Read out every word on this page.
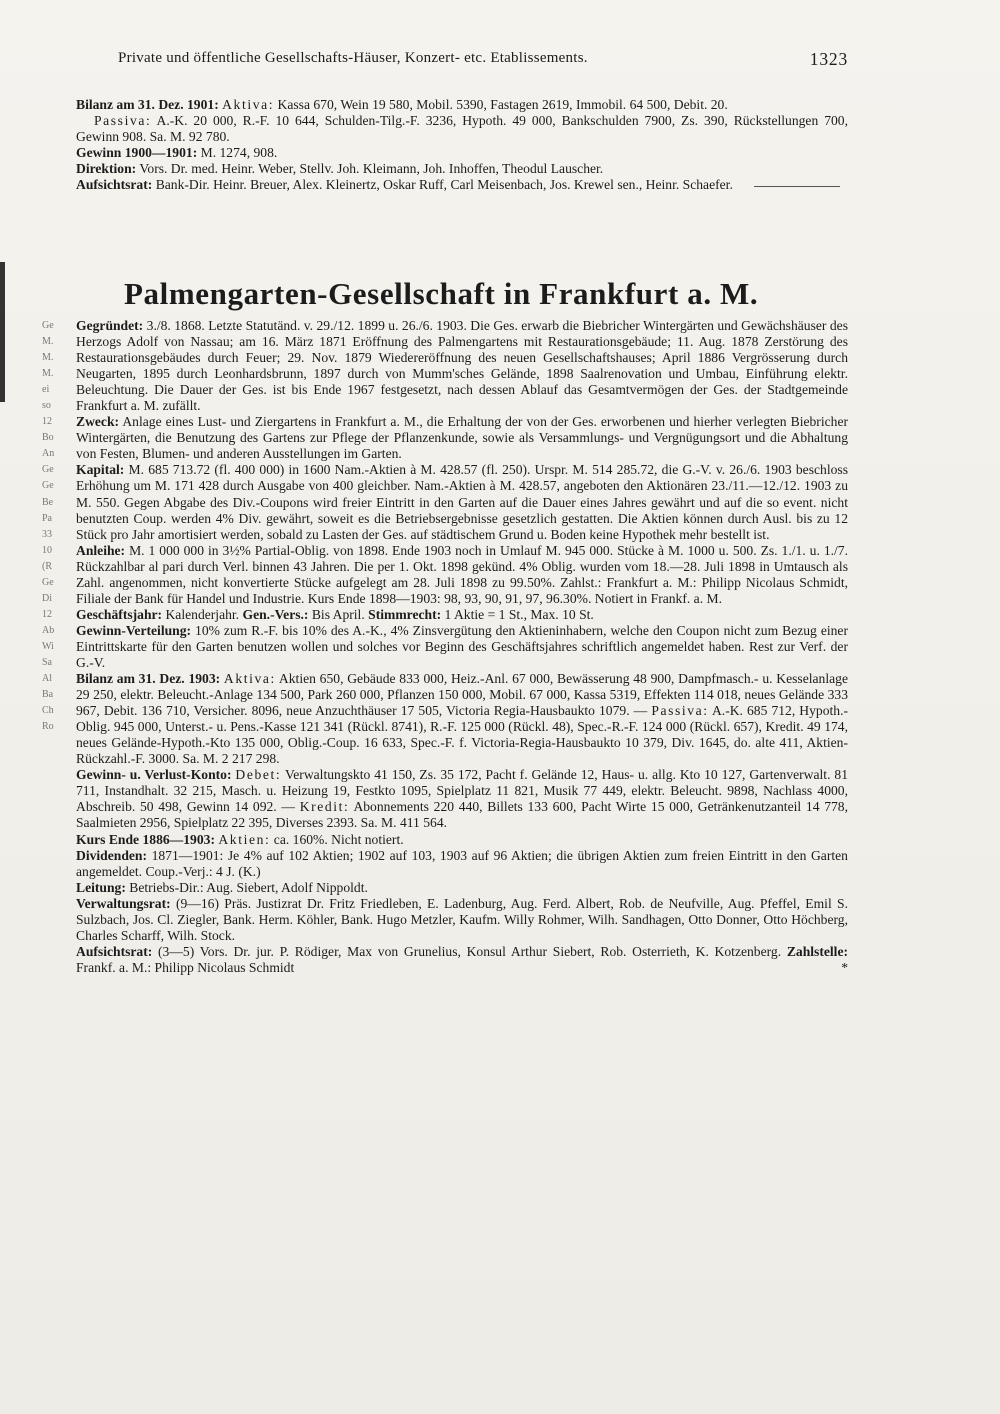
Private und öffentliche Gesellschafts-Häuser, Konzert- etc. Etablissements.	1323

Bilanz am 31. Dez. 1901: Aktiva: Kassa 670, Wein 19 580, Mobil. 5390, Fastagen 2619, Immobil. 64 500, Debit. 20.

Passiva: A.-K. 20 000, R.-F. 10 644, Schulden-Tilg.-F. 3236, Hypoth. 49 000, Bankschulden 7900, Zs. 390, Rückstellungen 700, Gewinn 908. Sa. M. 92 780.

Gewinn 1900—1901: M. 1274, 908.

Direktion: Vors. Dr. med. Heinr. Weber, Stellv. Joh. Kleimann, Joh. Inhoffen, Theodul Lauscher.

Aufsichtsrat: Bank-Dir. Heinr. Breuer, Alex. Kleinertz, Oskar Ruff, Carl Meisenbach, Jos. Krewel sen., Heinr. Schaefer.

Palmengarten-Gesellschaft in Frankfurt a. M.
Ge
M.
M.
M.
ei
so
12
Bo
An
Ge
Ge
Be
Pa
33
10
(R
Ge
Di
12
Ab
Wi
Sa
Al
Ba
Ch
Ro

Gegründet: 3./8. 1868. Letzte Statutänd. v. 29./12. 1899 u. 26./6. 1903. Die Ges. erwarb die Biebricher Wintergärten und Gewächshäuser des Herzogs Adolf von Nassau; am 16. März 1871 Eröffnung des Palmengartens mit Restaurationsgebäude; 11. Aug. 1878 Zerstörung des Restaurationsgebäudes durch Feuer; 29. Nov. 1879 Wiedereröffnung des neuen Gesellschaftshauses; April 1886 Vergrösserung durch Neugarten, 1895 durch Leonhardsbrunn, 1897 durch von Mumm'sches Gelände, 1898 Saalrenovation und Umbau, Einführung elektr. Beleuchtung. Die Dauer der Ges. ist bis Ende 1967 festgesetzt, nach dessen Ablauf das Gesamtvermögen der Ges. der Stadtgemeinde Frankfurt a. M. zufällt.

Zweck: Anlage eines Lust- und Ziergartens in Frankfurt a. M., die Erhaltung der von der Ges. erworbenen und hierher verlegten Biebricher Wintergärten, die Benutzung des Gartens zur Pflege der Pflanzenkunde, sowie als Versammlungs- und Vergnügungsort und die Abhaltung von Festen, Blumen- und anderen Ausstellungen im Garten.

Kapital: M. 685 713.72 (fl. 400 000) in 1600 Nam.-Aktien à M. 428.57 (fl. 250). Urspr. M. 514 285.72, die G.-V. v. 26./6. 1903 beschloss Erhöhung um M. 171 428 durch Ausgabe von 400 gleichber. Nam.-Aktien à M. 428.57, angeboten den Aktionären 23./11.—12./12. 1903 zu M. 550. Gegen Abgabe des Div.-Coupons wird freier Eintritt in den Garten auf die Dauer eines Jahres gewährt und auf die so event. nicht benutzten Coup. werden 4% Div. gewährt, soweit es die Betriebsergebnisse gesetzlich gestatten. Die Aktien können durch Ausl. bis zu 12 Stück pro Jahr amortisiert werden, sobald zu Lasten der Ges. auf städtischem Grund u. Boden keine Hypothek mehr bestellt ist.

Anleihe: M. 1 000 000 in 3½% Partial-Oblig. von 1898. Ende 1903 noch in Umlauf M. 945 000. Stücke à M. 1000 u. 500. Zs. 1./1. u. 1./7. Rückzahlbar al pari durch Verl. binnen 43 Jahren. Die per 1. Okt. 1898 gekünd. 4% Oblig. wurden vom 18.—28. Juli 1898 in Umtausch als Zahl. angenommen, nicht konvertierte Stücke aufgelegt am 28. Juli 1898 zu 99.50%. Zahlst.: Frankfurt a. M.: Philipp Nicolaus Schmidt, Filiale der Bank für Handel und Industrie. Kurs Ende 1898—1903: 98, 93, 90, 91, 97, 96.30%. Notiert in Frankf. a. M.

Geschäftsjahr: Kalenderjahr. Gen.-Vers.: Bis April. Stimmrecht: 1 Aktie = 1 St., Max. 10 St.

Gewinn-Verteilung: 10% zum R.-F. bis 10% des A.-K., 4% Zinsvergütung den Aktieninhabern, welche den Coupon nicht zum Bezug einer Eintrittskarte für den Garten benutzen wollen und solches vor Beginn des Geschäftsjahres schriftlich angemeldet haben. Rest zur Verf. der G.-V.

Bilanz am 31. Dez. 1903: Aktiva: Aktien 650, Gebäude 833 000, Heiz.-Anl. 67 000, Bewässerung 48 900, Dampfmasch.- u. Kesselanlage 29 250, elektr. Beleucht.-Anlage 134 500, Park 260 000, Pflanzen 150 000, Mobil. 67 000, Kassa 5319, Effekten 114 018, neues Gelände 333 967, Debit. 136 710, Versicher. 8096, neue Anzuchthäuser 17 505, Victoria Regia-Hausbaukto 1079. — Passiva: A.-K. 685 712, Hypoth.-Oblig. 945 000, Unterst.- u. Pens.-Kasse 121 341 (Rückl. 8741), R.-F. 125 000 (Rückl. 48), Spec.-R.-F. 124 000 (Rückl. 657), Kredit. 49 174, neues Gelände-Hypoth.-Kto 135 000, Oblig.-Coup. 16 633, Spec.-F. f. Victoria-Regia-Hausbaukto 10 379, Div. 1645, do. alte 411, Aktien-Rückzahl.-F. 3000. Sa. M. 2 217 298.

Gewinn- u. Verlust-Konto: Debet: Verwaltungskto 41 150, Zs. 35 172, Pacht f. Gelände 12, Haus- u. allg. Kto 10 127, Gartenverwalt. 81 711, Instandhalt. 32 215, Masch. u. Heizung 19, Festkto 1095, Spielplatz 11 821, Musik 77 449, elektr. Beleucht. 9898, Nachlass 4000, Abschreib. 50 498, Gewinn 14 092. — Kredit: Abonnements 220 440, Billets 133 600, Pacht Wirte 15 000, Getränkenutzanteil 14 778, Saalmieten 2956, Spielplatz 22 395, Diverses 2393. Sa. M. 411 564.

Kurs Ende 1886—1903: Aktien: ca. 160%. Nicht notiert.

Dividenden: 1871—1901: Je 4% auf 102 Aktien; 1902 auf 103, 1903 auf 96 Aktien; die übrigen Aktien zum freien Eintritt in den Garten angemeldet. Coup.-Verj.: 4 J. (K.)

Leitung: Betriebs-Dir.: Aug. Siebert, Adolf Nippoldt.

Verwaltungsrat: (9—16) Präs. Justizrat Dr. Fritz Friedleben, E. Ladenburg, Aug. Ferd. Albert, Rob. de Neufville, Aug. Pfeffel, Emil S. Sulzbach, Jos. Cl. Ziegler, Bank. Herm. Köhler, Bank. Hugo Metzler, Kaufm. Willy Rohmer, Wilh. Sandhagen, Otto Donner, Otto Höchberg, Charles Scharff, Wilh. Stock.

Aufsichtsrat: (3—5) Vors. Dr. jur. P. Rödiger, Max von Grunelius, Konsul Arthur Siebert, Rob. Osterrieth, K. Kotzenberg. Zahlstelle: Frankf. a. M.: Philipp Nicolaus Schmidt	*
